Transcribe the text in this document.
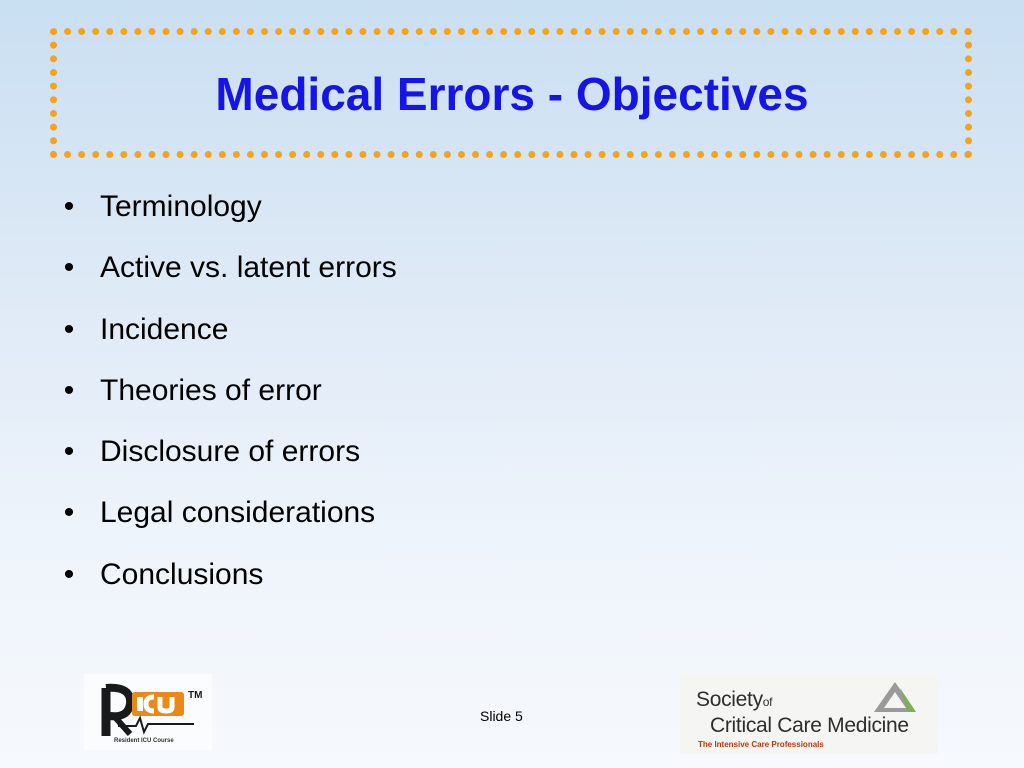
Medical Errors - Objectives
• Terminology
• Active vs. latent errors
• Incidence
• Theories of error
• Disclosure of errors
• Legal considerations
• Conclusions
TM
Resident ICU Course
Slide 5
Societyof
Critical Care Medicine
The Intensive Care Professionals
